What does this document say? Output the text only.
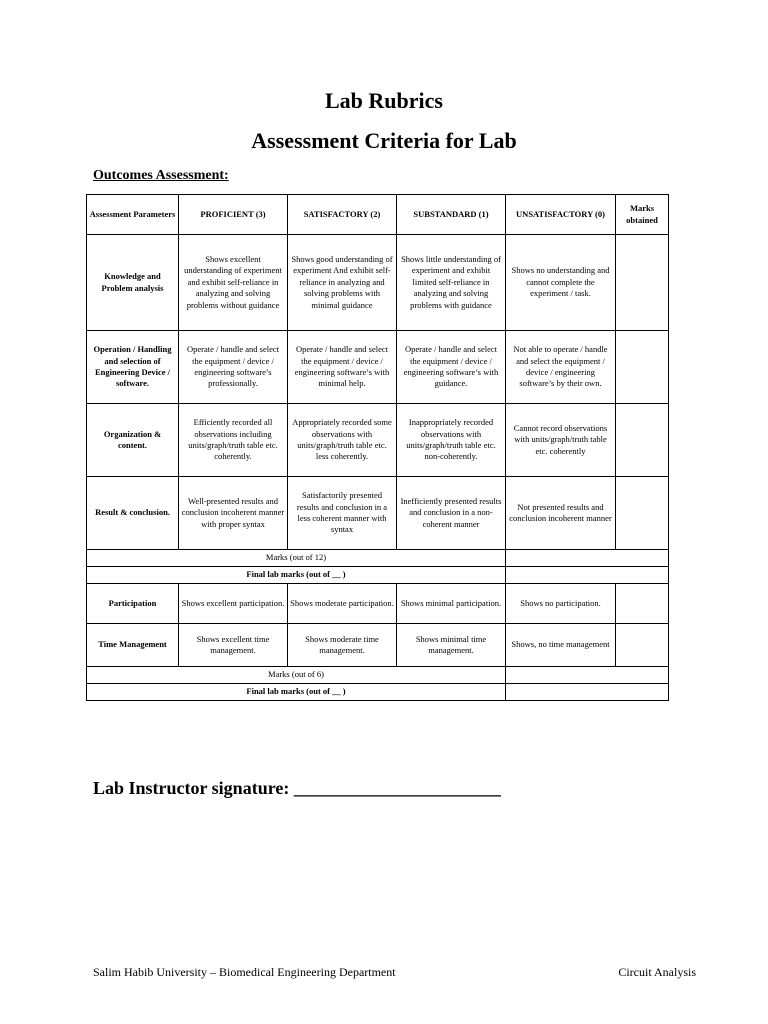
Lab Rubrics
Assessment Criteria for Lab
Outcomes Assessment:
Assessment Parameters	PROFICIENT (3)	SATISFACTORY (2)	SUBSTANDARD (1)	UNSATISFACTORY (0)	Marks obtained
Knowledge and Problem analysis	Shows excellent understanding of experiment and exhibit self-reliance in analyzing and solving problems without guidance	Shows good understanding of experiment And exhibit self-reliance in analyzing and solving problems with minimal guidance	Shows little understanding of experiment and exhibit limited self-reliance in analyzing and solving problems with guidance	Shows no understanding and cannot complete the experiment / task.	
Operation / Handling and selection of Engineering Device / software.	Operate / handle and select the equipment / device / engineering software’s professionally.	Operate / handle and select the equipment / device / engineering software’s with minimal help.	Operate / handle and select the equipment / device / engineering software’s with guidance.	Not able to operate / handle and select the equipment / device / engineering software’s by their own.	
Organization & content.	Efficiently recorded all observations including units/graph/truth table etc. coherently.	Appropriately recorded some observations with units/graph/truth table etc. less coherently.	Inappropriately recorded observations with units/graph/truth table etc. non-coherently.	Cannot record observations with units/graph/truth table etc. coherently	
Result & conclusion.	Well-presented results and conclusion incoherent manner with proper syntax	Satisfactorily presented results and conclusion in a less coherent manner with syntax	Inefficiently presented results and conclusion in a non-coherent manner	Not presented results and conclusion incoherent manner	
Marks (out of 12)					
Final lab marks (out of __ )					
Participation	Shows excellent participation.	Shows moderate participation.	Shows minimal participation.	Shows no participation.	
Time Management	Shows excellent time management.	Shows moderate time management.	Shows minimal time management.	Shows, no time management	
Marks (out of 6)					
Final lab marks (out of __ )					
Lab Instructor signature: _______________________
Salim Habib University – Biomedical Engineering Department	Circuit Analysis
